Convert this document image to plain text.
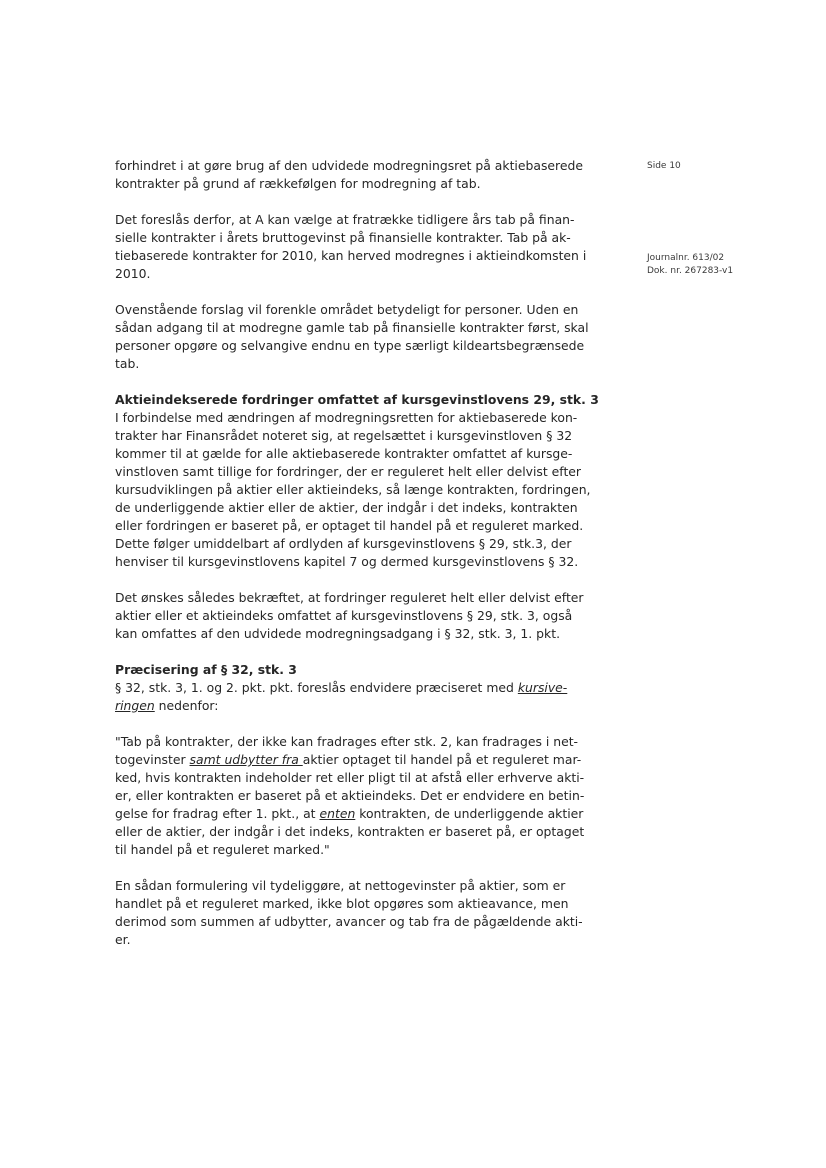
Side 10
Journalnr. 613/02
Dok. nr. 267283-v1

forhindret i at gøre brug af den udvidede modregningsret på aktiebaserede
kontrakter på grund af rækkefølgen for modregning af tab.

Det foreslås derfor, at A kan vælge at fratrække tidligere års tab på finan-
sielle kontrakter i årets bruttogevinst på finansielle kontrakter. Tab på ak-
tiebaserede kontrakter for 2010, kan herved modregnes i aktieindkomsten i
2010.

Ovenstående forslag vil forenkle området betydeligt for personer. Uden en
sådan adgang til at modregne gamle tab på finansielle kontrakter først, skal
personer opgøre og selvangive endnu en type særligt kildeartsbegrænsede
tab.

Aktieindekserede fordringer omfattet af kursgevinstlovens 29, stk. 3

I forbindelse med ændringen af modregningsretten for aktiebaserede kon-
trakter har Finansrådet noteret sig, at regelsættet i kursgevinstloven § 32
kommer til at gælde for alle aktiebaserede kontrakter omfattet af kursge-
vinstloven samt tillige for fordringer, der er reguleret helt eller delvist efter
kursudviklingen på aktier eller aktieindeks, så længe kontrakten, fordringen,
de underliggende aktier eller de aktier, der indgår i det indeks, kontrakten
eller fordringen er baseret på, er optaget til handel på et reguleret marked.
Dette følger umiddelbart af ordlyden af kursgevinstlovens § 29, stk.3, der
henviser til kursgevinstlovens kapitel 7 og dermed kursgevinstlovens § 32.

Det ønskes således bekræftet, at fordringer reguleret helt eller delvist efter
aktier eller et aktieindeks omfattet af kursgevinstlovens § 29, stk. 3, også
kan omfattes af den udvidede modregningsadgang i § 32, stk. 3, 1. pkt.

Præcisering af § 32, stk. 3

§ 32, stk. 3, 1. og 2. pkt. pkt. foreslås endvidere præciseret med kursive-
ringen nedenfor:

"Tab på kontrakter, der ikke kan fradrages efter stk. 2, kan fradrages i net-
togevinster samt udbytter fra aktier optaget til handel på et reguleret mar-
ked, hvis kontrakten indeholder ret eller pligt til at afstå eller erhverve akti-
er, eller kontrakten er baseret på et aktieindeks. Det er endvidere en betin-
gelse for fradrag efter 1. pkt., at enten kontrakten, de underliggende aktier
eller de aktier, der indgår i det indeks, kontrakten er baseret på, er optaget
til handel på et reguleret marked."

En sådan formulering vil tydeliggøre, at nettogevinster på aktier, som er
handlet på et reguleret marked, ikke blot opgøres som aktieavance, men
derimod som summen af udbytter, avancer og tab fra de pågældende akti-
er.
